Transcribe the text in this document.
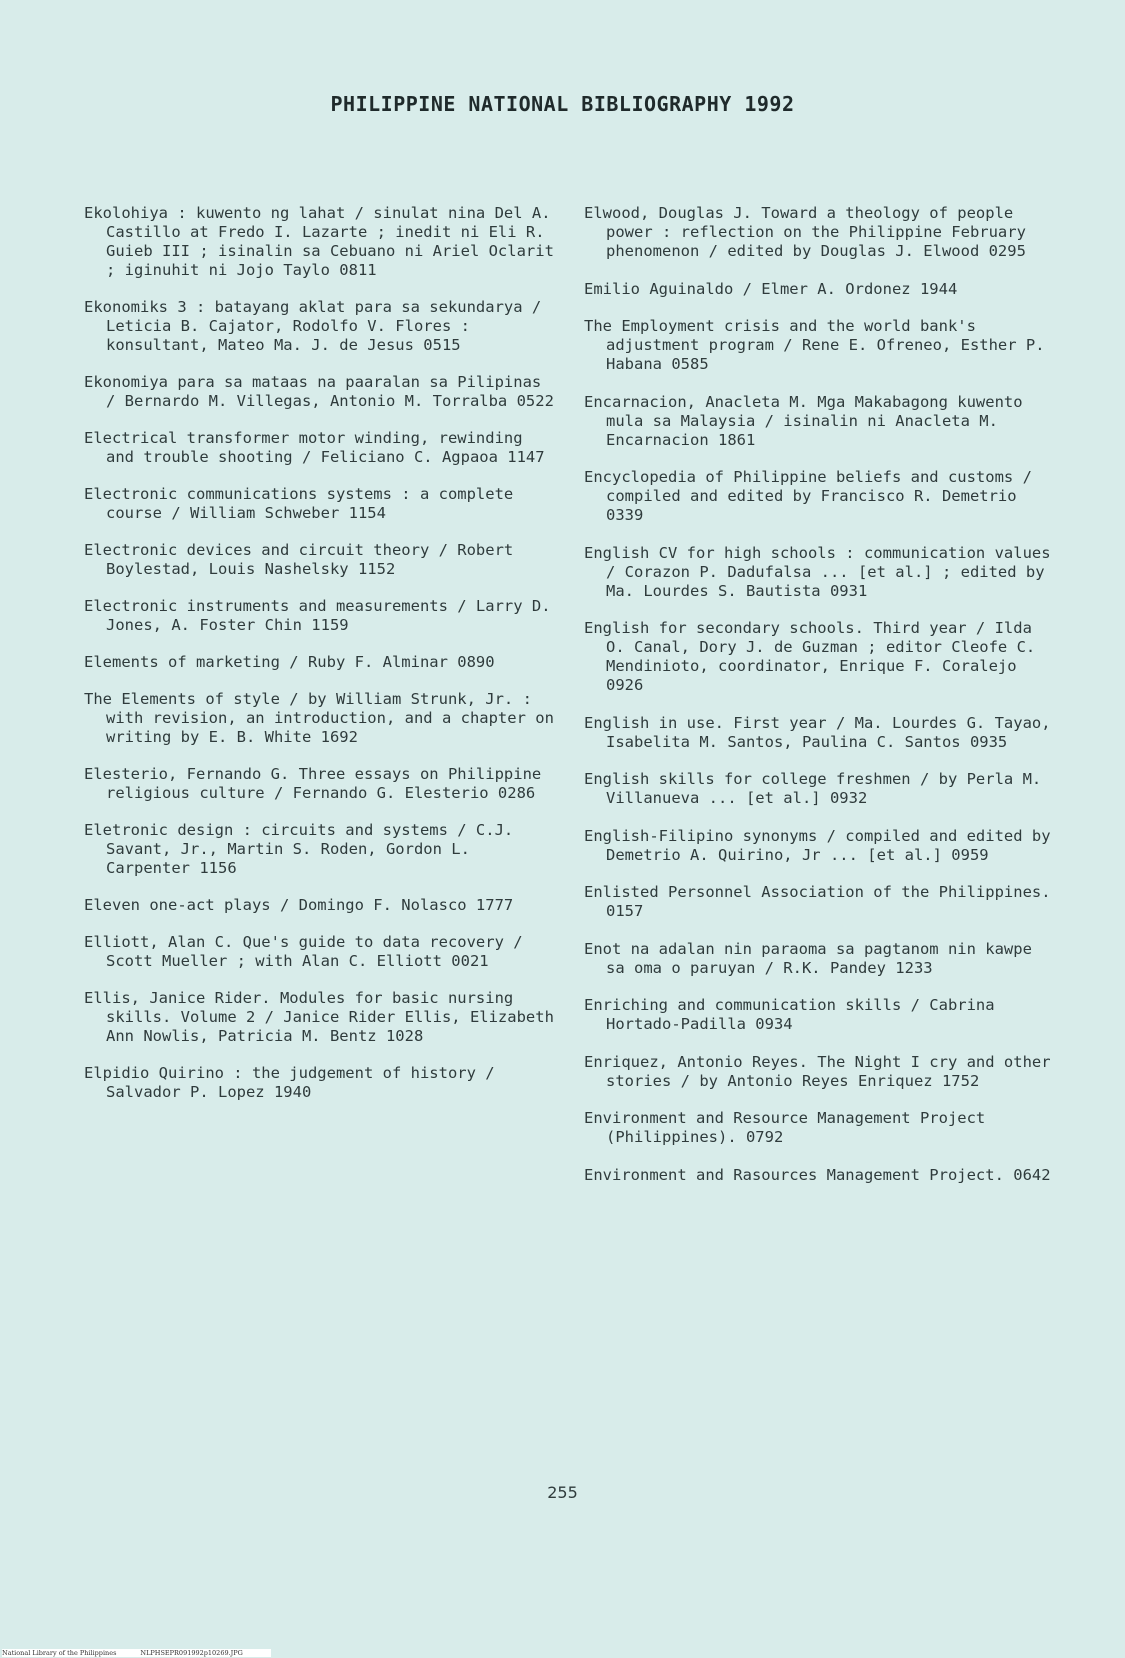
PHILIPPINE NATIONAL BIBLIOGRAPHY 1992
Ekolohiya : kuwento ng lahat / sinulat nina Del A. Castillo at Fredo I. Lazarte ; inedit ni Eli R. Guieb III ; isinalin sa Cebuano ni Ariel Oclarit ; iginuhit ni Jojo Taylo 0811
Ekonomiks 3 : batayang aklat para sa sekundarya / Leticia B. Cajator, Rodolfo V. Flores : konsultant, Mateo Ma. J. de Jesus 0515
Ekonomiya para sa mataas na paaralan sa Pilipinas / Bernardo M. Villegas, Antonio M. Torralba 0522
Electrical transformer motor winding, rewinding and trouble shooting / Feliciano C. Agpaoa 1147
Electronic communications systems : a complete course / William Schweber 1154
Electronic devices and circuit theory / Robert Boylestad, Louis Nashelsky 1152
Electronic instruments and measurements / Larry D. Jones, A. Foster Chin 1159
Elements of marketing / Ruby F. Alminar 0890
The Elements of style / by William Strunk, Jr. : with revision, an introduction, and a chapter on writing by E. B. White 1692
Elesterio, Fernando G. Three essays on Philippine religious culture / Fernando G. Elesterio 0286
Eletronic design : circuits and systems / C.J. Savant, Jr., Martin S. Roden, Gordon L. Carpenter 1156
Eleven one-act plays / Domingo F. Nolasco 1777
Elliott, Alan C. Que's guide to data recovery / Scott Mueller ; with Alan C. Elliott 0021
Ellis, Janice Rider. Modules for basic nursing skills. Volume 2 / Janice Rider Ellis, Elizabeth Ann Nowlis, Patricia M. Bentz 1028
Elpidio Quirino : the judgement of history / Salvador P. Lopez 1940
Elwood, Douglas J. Toward a theology of people power : reflection on the Philippine February phenomenon / edited by Douglas J. Elwood 0295
Emilio Aguinaldo / Elmer A. Ordonez 1944
The Employment crisis and the world bank's adjustment program / Rene E. Ofreneo, Esther P. Habana 0585
Encarnacion, Anacleta M. Mga Makabagong kuwento mula sa Malaysia / isinalin ni Anacleta M. Encarnacion 1861
Encyclopedia of Philippine beliefs and customs / compiled and edited by Francisco R. Demetrio 0339
English CV for high schools : communication values / Corazon P. Dadufalsa ... [et al.] ; edited by Ma. Lourdes S. Bautista 0931
English for secondary schools. Third year / Ilda O. Canal, Dory J. de Guzman ; editor Cleofe C. Mendinioto, coordinator, Enrique F. Coralejo 0926
English in use. First year / Ma. Lourdes G. Tayao, Isabelita M. Santos, Paulina C. Santos 0935
English skills for college freshmen / by Perla M. Villanueva ... [et al.] 0932
English-Filipino synonyms / compiled and edited by Demetrio A. Quirino, Jr ... [et al.] 0959
Enlisted Personnel Association of the Philippines. 0157
Enot na adalan nin paraoma sa pagtanom nin kawpe sa oma o paruyan / R.K. Pandey 1233
Enriching and communication skills / Cabrina Hortado-Padilla 0934
Enriquez, Antonio Reyes. The Night I cry and other stories / by Antonio Reyes Enriquez 1752
Environment and Resource Management Project (Philippines). 0792
Environment and Rasources Management Project. 0642
255
National Library of the Philippines	NLPHSEPR091992p10269.JPG
